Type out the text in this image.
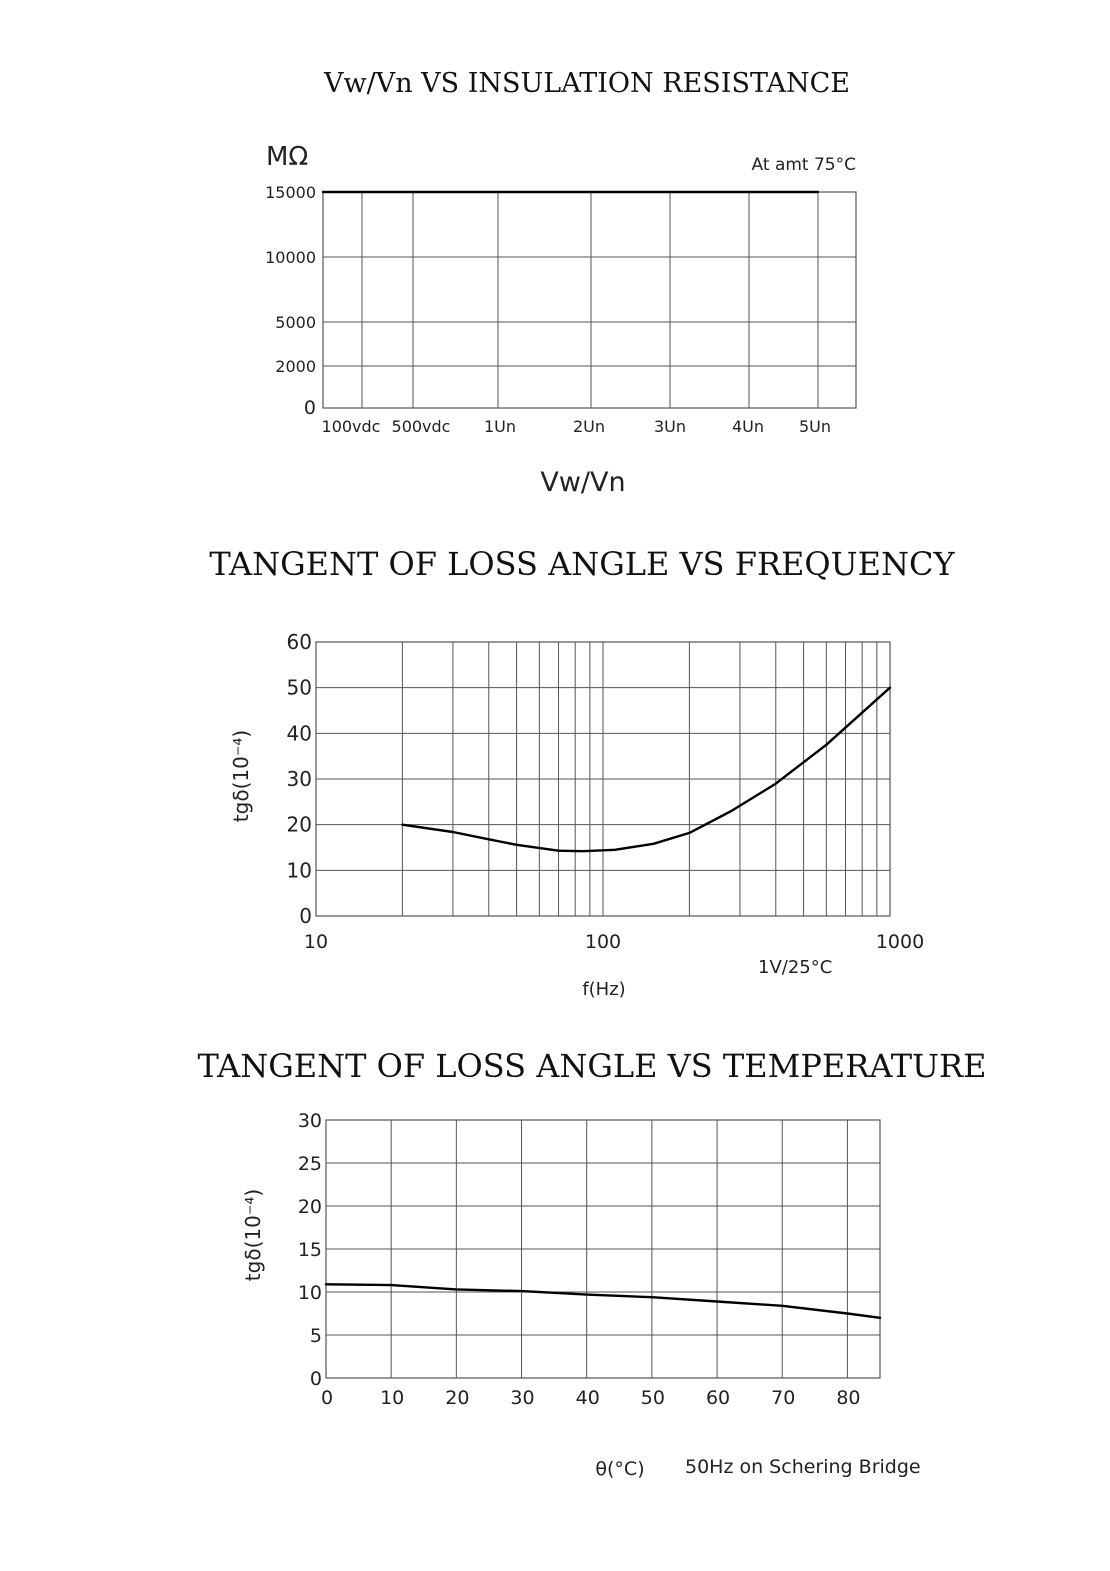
Vw/Vn VS INSULATION RESISTANCE
MΩ	At amt 75°C
15000
10000
5000
2000
0
100vdc 500vdc 1Un	2Un	3Un	4Un 5Un
Vw/Vn
TANGENT OF LOSS ANGLE VS FREQUENCY
tgδ(10⁻⁴)
60
50
40
30
20
10
0
10	100	1000
1V/25°C
f(Hz)
TANGENT OF LOSS ANGLE VS TEMPERATURE
tgδ(10⁻⁴)
30
25
20
15
10
5
0
0 10 20 30 40 50 60 70 80
θ(°C) 50Hz on Schering Bridge
